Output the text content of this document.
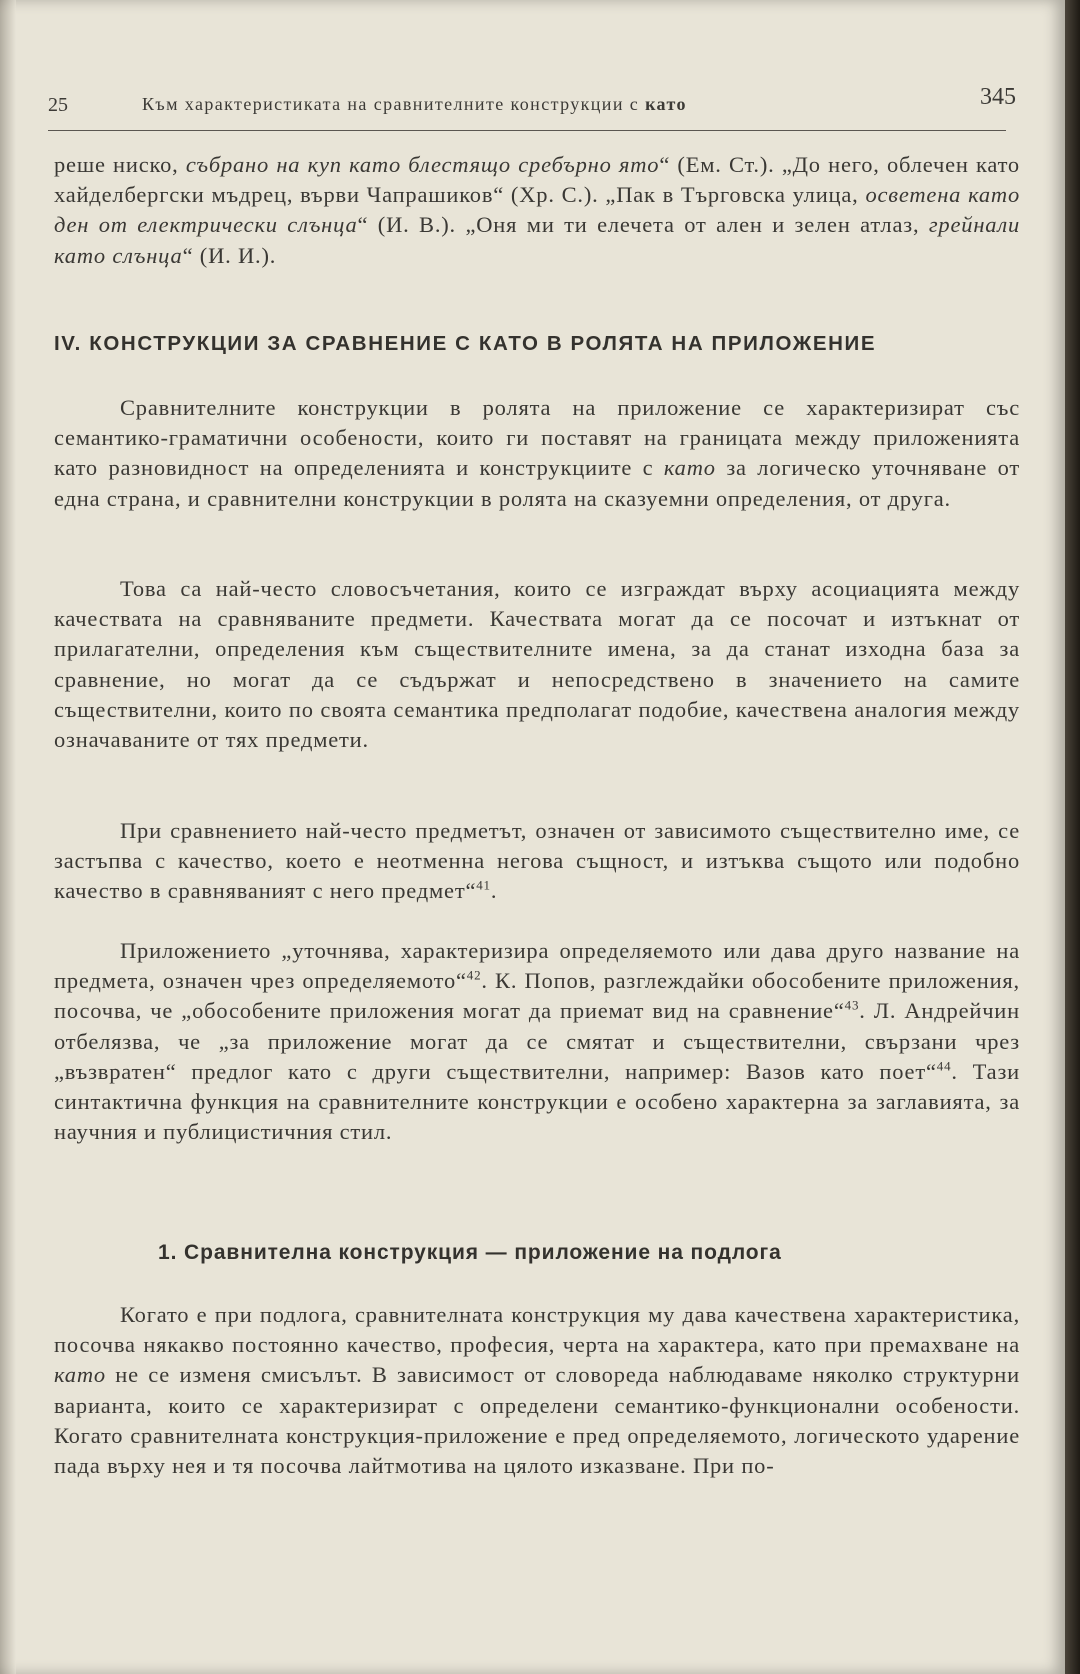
25	Към характеристиката на сравнителните конструкции с като	345

реше ниско, събрано на куп като блестящо сребърно ято“ (Ем. Ст.). „До него, облечен като хайделбергски мъдрец, върви Чапрашиков“ (Хр. С.). „Пак в Търговска улица, осветена като ден от електрически слънца“ (И. В.). „Оня ми ти елечета от ален и зелен атлаз, грейнали като слънца“ (И. И.).

IV. КОНСТРУКЦИИ ЗА СРАВНЕНИЕ С КАТО В РОЛЯТА НА ПРИЛОЖЕНИЕ

Сравнителните конструкции в ролята на приложение се характеризират със семантико-граматични особености, които ги поставят на границата между приложенията като разновидност на определенията и конструкциите с като за логическо уточняване от една страна, и сравнителни конструкции в ролята на сказуемни определения, от друга.

Това са най-често словосъчетания, които се изграждат върху асоциацията между качествата на сравняваните предмети. Качествата могат да се посочат и изтъкнат от прилагателни, определения към съществителните имена, за да станат изходна база за сравнение, но могат да се съдържат и непосредствено в значението на самите съществителни, които по своята семантика предполагат подобие, качествена аналогия между означаваните от тях предмети.

При сравнението най-често предметът, означен от зависимото съществително име, се застъпва с качество, което е неотменна негова същност, и изтъква същото или подобно качество в сравняваният с него предмет“$^{41}$.

Приложението „уточнява, характеризира определяемото или дава друго название на предмета, означен чрез определяемото“$^{42}$. К. Попов, разглеждайки обособените приложения, посочва, че „обособените приложения могат да приемат вид на сравнение“$^{43}$. Л. Андрейчин отбелязва, че „за приложение могат да се смятат и съществителни, свързани чрез „възвратен“ предлог като с други съществителни, например: Вазов като поет“$^{44}$. Тази синтактична функция на сравнителните конструкции е особено характерна за заглавията, за научния и публицистичния стил.

1. Сравнителна конструкция — приложение на подлога

Когато е при подлога, сравнителната конструкция му дава качествена характеристика, посочва някакво постоянно качество, професия, черта на характера, като при премахване на като не се изменя смисълът. В зависимост от словореда наблюдаваме няколко структурни варианта, които се характеризират с определени семантико-функционални особености. Когато сравнителната конструкция-приложение е пред определяемото, логическото ударение пада върху нея и тя посочва лайтмотива на цялото изказване. При по-
